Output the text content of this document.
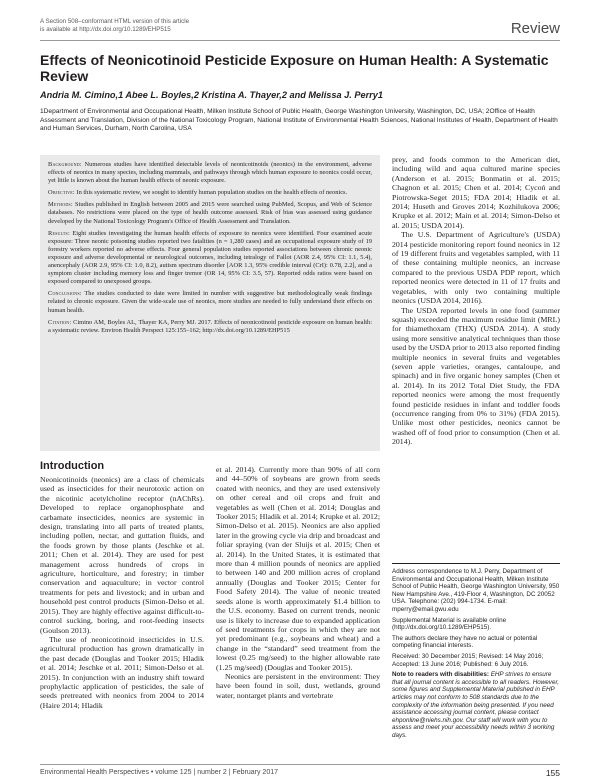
A Section 508–conformant HTML version of this article
is available at http://dx.doi.org/10.1289/EHP515	Review
Effects of Neonicotinoid Pesticide Exposure on Human Health: A Systematic Review
Andria M. Cimino,1 Abee L. Boyles,2 Kristina A. Thayer,2 and Melissa J. Perry1

1Department of Environmental and Occupational Health, Milken Institute School of Public Health, George Washington University, Washington, DC, USA; 2Office of Health Assessment and Translation, Division of the National Toxicology Program, National Institute of Environmental Health Sciences, National Institutes of Health, Department of Health and Human Services, Durham, North Carolina, USA

Background: Numerous studies have identified detectable levels of neonicotinoids (neonics) in the environment, adverse effects of neonics in many species, including mammals, and pathways through which human exposure to neonics could occur, yet little is known about the human health effects of neonic exposure.

Objective: In this systematic review, we sought to identify human population studies on the health effects of neonics.

Methods: Studies published in English between 2005 and 2015 were searched using PubMed, Scopus, and Web of Science databases. No restrictions were placed on the type of health outcome assessed. Risk of bias was assessed using guidance developed by the National Toxicology Program's Office of Health Assessment and Translation.

Results: Eight studies investigating the human health effects of exposure to neonics were identified. Four examined acute exposure: Three neonic poisoning studies reported two fatalities (n = 1,280 cases) and an occupational exposure study of 19 forestry workers reported no adverse effects. Four general population studies reported associations between chronic neonic exposure and adverse developmental or neurological outcomes, including tetralogy of Fallot (AOR 2.4, 95% CI: 1.1, 5.4), anencephaly (AOR 2.9, 95% CI: 1.0, 8.2), autism spectrum disorder [AOR 1.3, 95% credible interval (CrI): 0.78, 2.2], and a symptom cluster including memory loss and finger tremor (OR 14, 95% CI: 3.5, 57). Reported odds ratios were based on exposed compared to unexposed groups.

Conclusions: The studies conducted to date were limited in number with suggestive but methodologically weak findings related to chronic exposure. Given the wide-scale use of neonics, more studies are needed to fully understand their effects on human health.

Citation: Cimino AM, Boyles AL, Thayer KA, Perry MJ. 2017. Effects of neonicotinoid pesticide exposure on human health: a systematic review. Environ Health Perspect 125:155–162; http://dx.doi.org/10.1289/EHP515

prey, and foods common to the American diet, including wild and aqua cultured marine species (Anderson et al. 2015; Bonmatin et al. 2015; Chagnon et al. 2015; Chen et al. 2014; Cycoń and Piotrowska-Seget 2015; FDA 2014; Hladik et al. 2014; Huseth and Groves 2014; Kozhilukova 2006; Krupke et al. 2012; Main et al. 2014; Simon-Delso et al. 2015; USDA 2014).

The U.S. Department of Agriculture's (USDA) 2014 pesticide monitoring report found neonics in 12 of 19 different fruits and vegetables sampled, with 11 of these containing multiple neonics, an increase compared to the previous USDA PDP report, which reported neonics were detected in 11 of 17 fruits and vegetables, with only two containing multiple neonics (USDA 2014, 2016).

The USDA reported levels in one food (summer squash) exceeded the maximum residue limit (MRL) for thiamethoxam (THX) (USDA 2014). A study using more sensitive analytical techniques than those used by the USDA prior to 2013 also reported finding multiple neonics in several fruits and vegetables (seven apple varieties, oranges, cantaloupe, and spinach) and in five organic honey samples (Chen et al. 2014). In its 2012 Total Diet Study, the FDA reported neonics were among the most frequently found pesticide residues in infant and toddler foods (occurrence ranging from 0% to 31%) (FDA 2015). Unlike most other pesticides, neonics cannot be washed off of food prior to consumption (Chen et al. 2014).

Introduction

Neonicotinoids (neonics) are a class of chemicals used as insecticides for their neurotoxic action on the nicotinic acetylcholine receptor (nAChRs). Developed to replace organophosphate and carbamate insecticides, neonics are systemic in design, translating into all parts of treated plants, including pollen, nectar, and guttation fluids, and the foods grown by those plants (Jeschke et al. 2011; Chen et al. 2014). They are used for pest management across hundreds of crops in agriculture, horticulture, and forestry; in timber conservation and aquaculture; in vector control treatments for pets and livestock; and in urban and household pest control products (Simon-Delso et al. 2015). They are highly effective against difficult-to-control sucking, boring, and root-feeding insects (Goulson 2013).

The use of neonicotinoid insecticides in U.S. agricultural production has grown dramatically in the past decade (Douglas and Tooker 2015; Hladik et al. 2014; Jeschke et al. 2011; Simon-Delso et al. 2015). In conjunction with an industry shift toward prophylactic application of pesticides, the sale of seeds pretreated with neonics from 2004 to 2014 (Haire 2014; Hladik

et al. 2014). Currently more than 90% of all corn and 44–50% of soybeans are grown from seeds coated with neonics, and they are used extensively on other cereal and oil crops and fruit and vegetables as well (Chen et al. 2014; Douglas and Tooker 2015; Hladik et al. 2014; Krupke et al. 2012; Simon-Delso et al. 2015). Neonics are also applied later in the growing cycle via drip and broadcast and foliar spraying (van der Sluijs et al. 2015; Chen et al. 2014). In the United States, it is estimated that more than 4 million pounds of neonics are applied to between 140 and 200 million acres of cropland annually (Douglas and Tooker 2015; Center for Food Safety 2014). The value of neonic treated seeds alone is worth approximately $1.4 billion to the U.S. economy. Based on current trends, neonic use is likely to increase due to expanded application of seed treatments for crops in which they are not yet predominant (e.g., soybeans and wheat) and a change in the “standard” seed treatment from the lowest (0.25 mg/seed) to the higher allowable rate (1.25 mg/seed) (Douglas and Tooker 2015).

Neonics are persistent in the environment: They have been found in soil, dust, wetlands, ground water, nontarget plants and vertebrate

Address correspondence to M.J. Perry, Department of Environmental and Occupational Health, Milken Institute School of Public Health, George Washington University, 950 New Hampshire Ave., 419-Floor 4, Washington, DC 20052 USA. Telephone: (202) 994-1734. E-mail: mperry@email.gwu.edu

Supplemental Material is available online (http://dx.doi.org/10.1289/EHP515).

The authors declare they have no actual or potential competing financial interests.

Received: 30 December 2015; Revised: 14 May 2016; Accepted: 13 June 2016; Published: 6 July 2016.

Note to readers with disabilities: EHP strives to ensure that all journal content is accessible to all readers. However, some figures and Supplemental Material published in EHP articles may not conform to 508 standards due to the complexity of the information being presented. If you need assistance accessing journal content, please contact ehponline@niehs.nih.gov. Our staff will work with you to assess and meet your accessibility needs within 3 working days.

Environmental Health Perspectives • volume 125 | number 2 | February 2017	155
